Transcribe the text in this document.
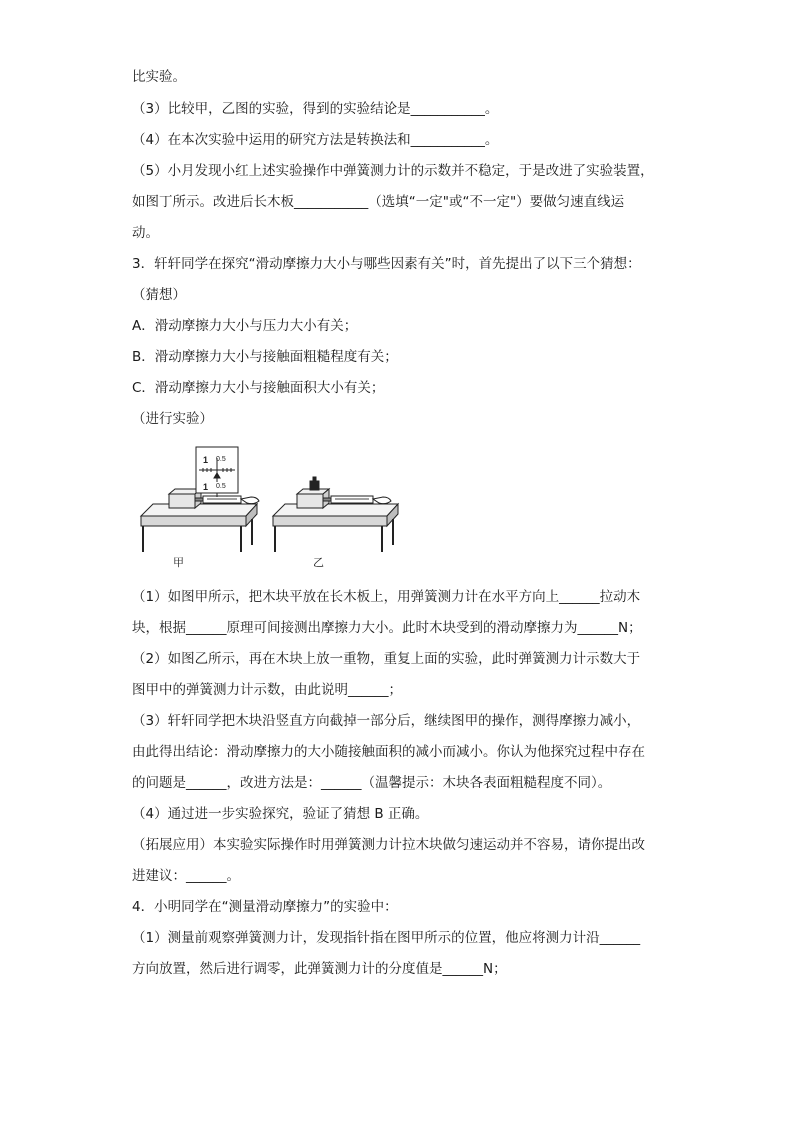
比实验。
（3）比较甲，乙图的实验，得到的实验结论是___________。
（4）在本次实验中运用的研究方法是转换法和___________。
（5）小月发现小红上述实验操作中弹簧测力计的示数并不稳定，于是改进了实验装置，
如图丁所示。改进后长木板___________（选填“一定"或“不一定"）要做匀速直线运
动。
3．轩轩同学在探究“滑动摩擦力大小与哪些因素有关”时，首先提出了以下三个猜想：
（猜想）
A．滑动摩擦力大小与压力大小有关；
B．滑动摩擦力大小与接触面粗糙程度有关；
C．滑动摩擦力大小与接触面积大小有关；
（进行实验）
1 0.5
1 0.5
甲	乙
（1）如图甲所示，把木块平放在长木板上，用弹簧测力计在水平方向上______拉动木
块，根据______原理可间接测出摩擦力大小。此时木块受到的滑动摩擦力为______N；
（2）如图乙所示，再在木块上放一重物，重复上面的实验，此时弹簧测力计示数大于
图甲中的弹簧测力计示数，由此说明______；
（3）轩轩同学把木块沿竖直方向截掉一部分后，继续图甲的操作，测得摩擦力减小，
由此得出结论：滑动摩擦力的大小随接触面积的减小而减小。你认为他探究过程中存在
的问题是______，改进方法是：______（温馨提示：木块各表面粗糙程度不同）。
（4）通过进一步实验探究，验证了猜想 B 正确。
（拓展应用）本实验实际操作时用弹簧测力计拉木块做匀速运动并不容易，请你提出改
进建议：______。
4．小明同学在“测量滑动摩擦力”的实验中：
（1）测量前观察弹簧测力计，发现指针指在图甲所示的位置，他应将测力计沿______
方向放置，然后进行调零，此弹簧测力计的分度值是______N；
